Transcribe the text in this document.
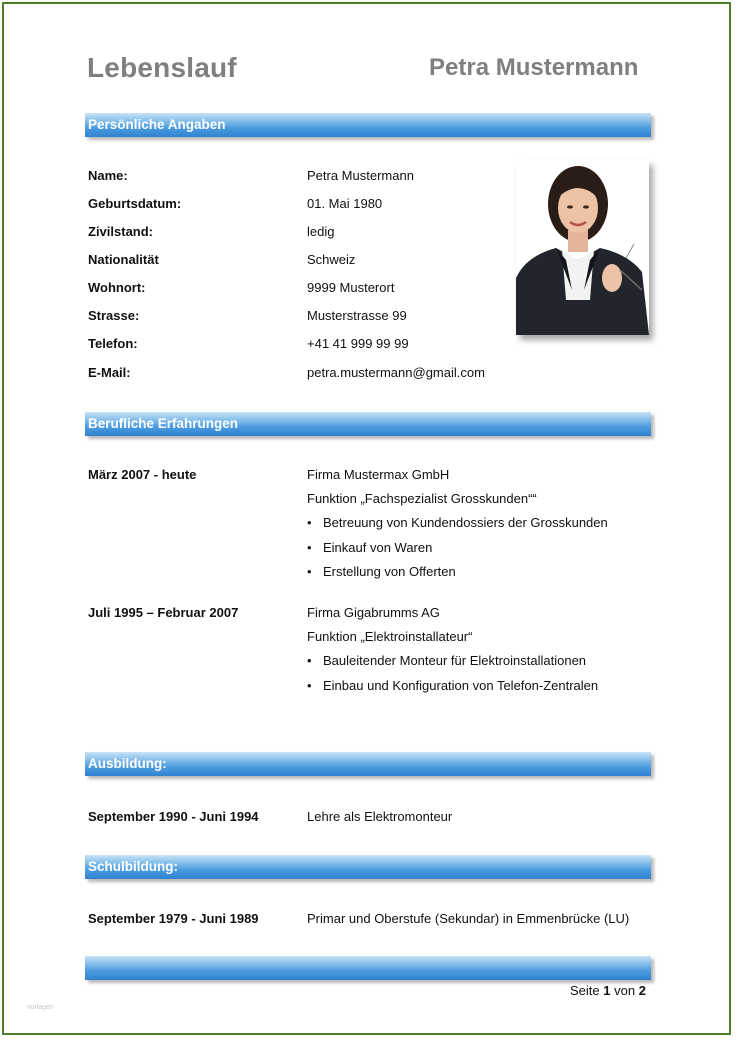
Lebenslauf	Petra Mustermann
Persönliche Angaben
Name:	Petra Mustermann
Geburtsdatum:	01. Mai 1980
Zivilstand:	ledig
Nationalität	Schweiz
Wohnort:	9999 Musterort
Strasse:	Musterstrasse 99
Telefon:	+41 41 999 99 99
E-Mail:	petra.mustermann@gmail.com
Berufliche Erfahrungen
März 2007 - heute	Firma Mustermax GmbH
Funktion „Fachspezialist Grosskunden““
• Betreuung von Kundendossiers der Grosskunden
• Einkauf von Waren
• Erstellung von Offerten
Juli 1995 – Februar 2007	Firma Gigabrumms AG
Funktion „Elektroinstallateur“
• Bauleitender Monteur für Elektroinstallationen
• Einbau und Konfiguration von Telefon-Zentralen
Ausbildung:
September 1990 - Juni 1994	Lehre als Elektromonteur
Schulbildung:
September 1979 - Juni 1989	Primar und Oberstufe (Sekundar) in Emmenbrücke (LU)
Seite 1 von 2
vorlagen
